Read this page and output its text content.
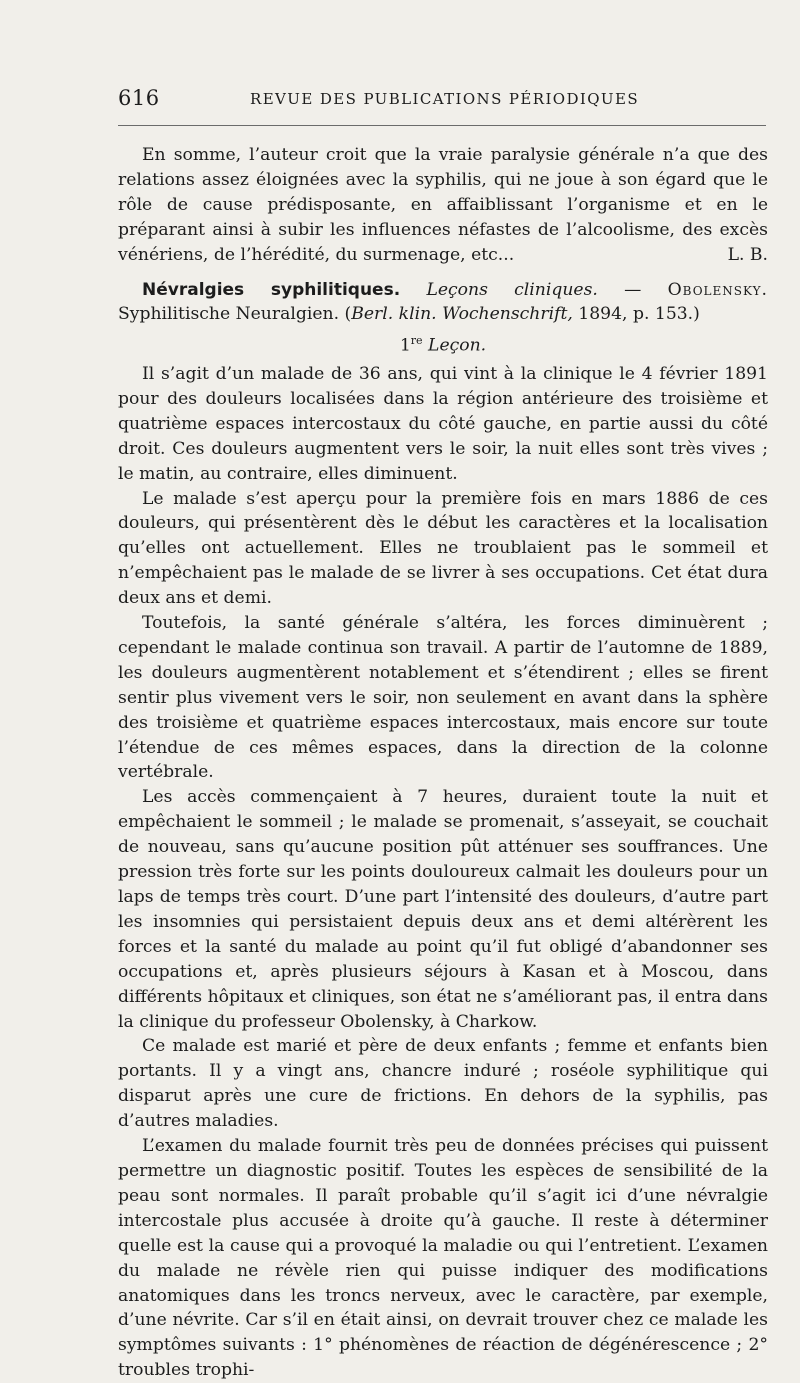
616	REVUE DES PUBLICATIONS PÉRIODIQUES

En somme, l’auteur croit que la vraie paralysie générale n’a que des relations assez éloignées avec la syphilis, qui ne joue à son égard que le rôle de cause prédisposante, en affaiblissant l’organisme et en le préparant ainsi à subir les influences néfastes de l’alcoolisme, des excès vénériens, de l’hérédité, du surmenage, etc...	L. B.

Névralgies syphilitiques. Leçons cliniques. — Obolensky. Syphilitische Neuralgien. (Berl. klin. Wochenschrift, 1894, p. 153.)

1re Leçon.

Il s’agit d’un malade de 36 ans, qui vint à la clinique le 4 février 1891 pour des douleurs localisées dans la région antérieure des troisième et quatrième espaces intercostaux du côté gauche, en partie aussi du côté droit. Ces douleurs augmentent vers le soir, la nuit elles sont très vives ; le matin, au contraire, elles diminuent.

Le malade s’est aperçu pour la première fois en mars 1886 de ces douleurs, qui présentèrent dès le début les caractères et la localisation qu’elles ont actuellement. Elles ne troublaient pas le sommeil et n’empêchaient pas le malade de se livrer à ses occupations. Cet état dura deux ans et demi.

Toutefois, la santé générale s’altéra, les forces diminuèrent ; cependant le malade continua son travail. A partir de l’automne de 1889, les douleurs augmentèrent notablement et s’étendirent ; elles se firent sentir plus vivement vers le soir, non seulement en avant dans la sphère des troisième et quatrième espaces intercostaux, mais encore sur toute l’étendue de ces mêmes espaces, dans la direction de la colonne vertébrale.

Les accès commençaient à 7 heures, duraient toute la nuit et empêchaient le sommeil ; le malade se promenait, s’asseyait, se couchait de nouveau, sans qu’aucune position pût atténuer ses souffrances. Une pression très forte sur les points douloureux calmait les douleurs pour un laps de temps très court. D’une part l’intensité des douleurs, d’autre part les insomnies qui persistaient depuis deux ans et demi altérèrent les forces et la santé du malade au point qu’il fut obligé d’abandonner ses occupations et, après plusieurs séjours à Kasan et à Moscou, dans différents hôpitaux et cliniques, son état ne s’améliorant pas, il entra dans la clinique du professeur Obolensky, à Charkow.

Ce malade est marié et père de deux enfants ; femme et enfants bien portants. Il y a vingt ans, chancre induré ; roséole syphilitique qui disparut après une cure de frictions. En dehors de la syphilis, pas d’autres maladies.

L’examen du malade fournit très peu de données précises qui puissent permettre un diagnostic positif. Toutes les espèces de sensibilité de la peau sont normales. Il paraît probable qu’il s’agit ici d’une névralgie intercostale plus accusée à droite qu’à gauche. Il reste à déterminer quelle est la cause qui a provoqué la maladie ou qui l’entretient. L’examen du malade ne révèle rien qui puisse indiquer des modifications anatomiques dans les troncs nerveux, avec le caractère, par exemple, d’une névrite. Car s’il en était ainsi, on devrait trouver chez ce malade les symptômes suivants : 1° phénomènes de réaction de dégénérescence ; 2° troubles trophi-
